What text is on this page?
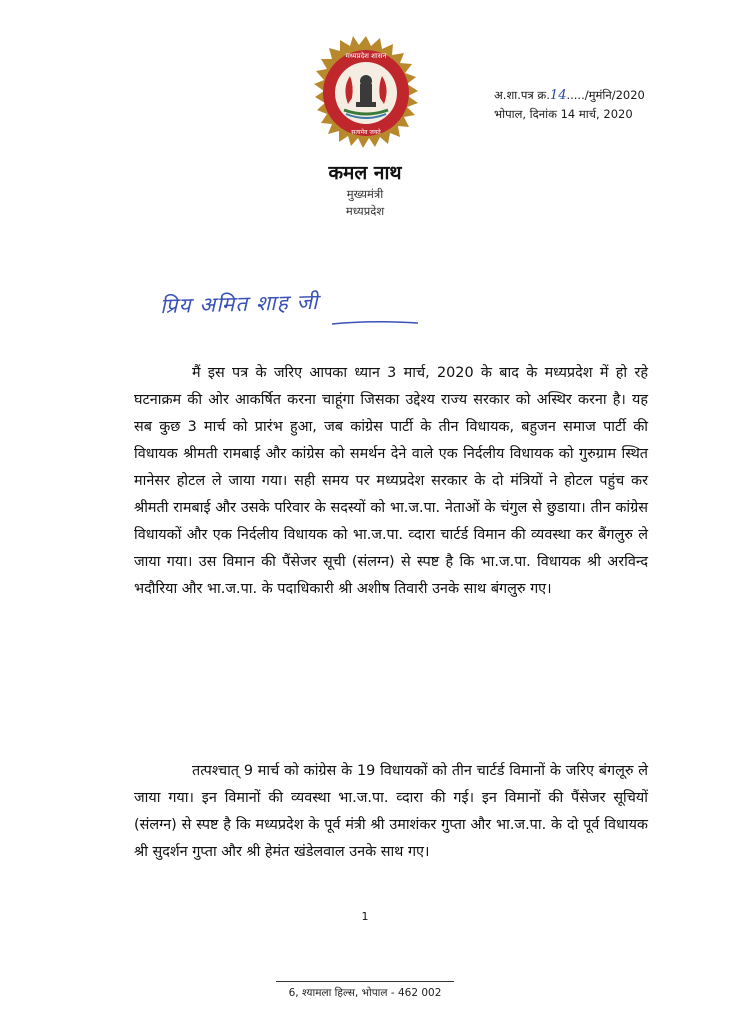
मध्यप्रदेश शासन
सत्यमेव जयते
अ.शा.पत्र क्र.14...../मुमंनि/2020
भोपाल, दिनांक 14 मार्च, 2020
कमल नाथ
मुख्यमंत्री
मध्यप्रदेश
प्रिय अमित शाह जी

मैं इस पत्र के जरिए आपका ध्यान 3 मार्च, 2020 के बाद के मध्यप्रदेश में हो रहे घटनाक्रम की ओर आकर्षित करना चाहूंगा जिसका उद्देश्य राज्य सरकार को अस्थिर करना है। यह सब कुछ 3 मार्च को प्रारंभ हुआ, जब कांग्रेस पार्टी के तीन विधायक, बहुजन समाज पार्टी की विधायक श्रीमती रामबाई और कांग्रेस को समर्थन देने वाले एक निर्दलीय विधायक को गुरुग्राम स्थित मानेसर होटल ले जाया गया। सही समय पर मध्यप्रदेश सरकार के दो मंत्रियों ने होटल पहुंच कर श्रीमती रामबाई और उसके परिवार के सदस्यों को भा.ज.पा. नेताओं के चंगुल से छुडाया। तीन कांग्रेस विधायकों और एक निर्दलीय विधायक को भा.ज.पा. व्दारा चार्टर्ड विमान की व्यवस्था कर बैंगलुरु ले जाया गया। उस विमान की पैंसेजर सूची (संलग्न) से स्पष्ट है कि भा.ज.पा. विधायक श्री अरविन्द भदौरिया और भा.ज.पा. के पदाधिकारी श्री अशीष तिवारी उनके साथ बंगलुरु गए।

तत्पश्चात् 9 मार्च को कांग्रेस के 19 विधायकों को तीन चार्टर्ड विमानों के जरिए बंगलूरु ले जाया गया। इन विमानों की व्यवस्था भा.ज.पा. व्दारा की गई। इन विमानों की पैंसेजर सूचियों (संलग्न) से स्पष्ट है कि मध्यप्रदेश के पूर्व मंत्री श्री उमाशंकर गुप्ता और भा.ज.पा. के दो पूर्व विधायक श्री सुदर्शन गुप्ता और श्री हेमंत खंडेलवाल उनके साथ गए।

1
6, श्यामला हिल्स, भोपाल - 462 002
